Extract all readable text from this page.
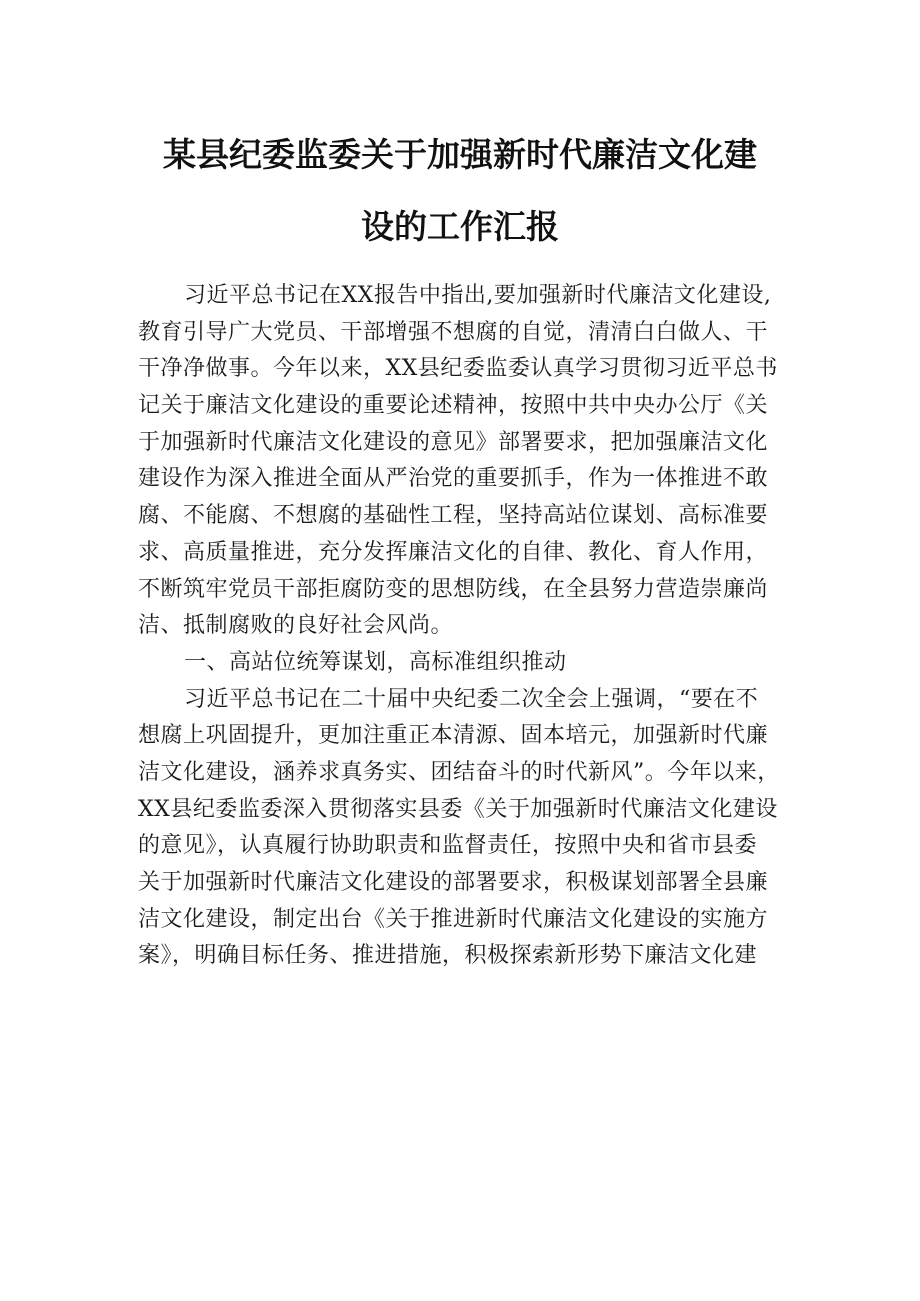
某县纪委监委关于加强新时代廉洁文化建
设的工作汇报
习近平总书记在XX报告中指出,要加强新时代廉洁文化建设,
教育引导广大党员、干部增强不想腐的自觉，清清白白做人、干
干净净做事。今年以来，XX县纪委监委认真学习贯彻习近平总书
记关于廉洁文化建设的重要论述精神，按照中共中央办公厅《关
于加强新时代廉洁文化建设的意见》部署要求，把加强廉洁文化
建设作为深入推进全面从严治党的重要抓手，作为一体推进不敢
腐、不能腐、不想腐的基础性工程，坚持高站位谋划、高标准要
求、高质量推进，充分发挥廉洁文化的自律、教化、育人作用，
不断筑牢党员干部拒腐防变的思想防线，在全县努力营造崇廉尚
洁、抵制腐败的良好社会风尚。
一、高站位统筹谋划，高标准组织推动
习近平总书记在二十届中央纪委二次全会上强调，“要在不
想腐上巩固提升，更加注重正本清源、固本培元，加强新时代廉
洁文化建设，涵养求真务实、团结奋斗的时代新风”。今年以来，
XX县纪委监委深入贯彻落实县委《关于加强新时代廉洁文化建设
的意见》，认真履行协助职责和监督责任，按照中央和省市县委
关于加强新时代廉洁文化建设的部署要求，积极谋划部署全县廉
洁文化建设，制定出台《关于推进新时代廉洁文化建设的实施方
案》，明确目标任务、推进措施，积极探索新形势下廉洁文化建
